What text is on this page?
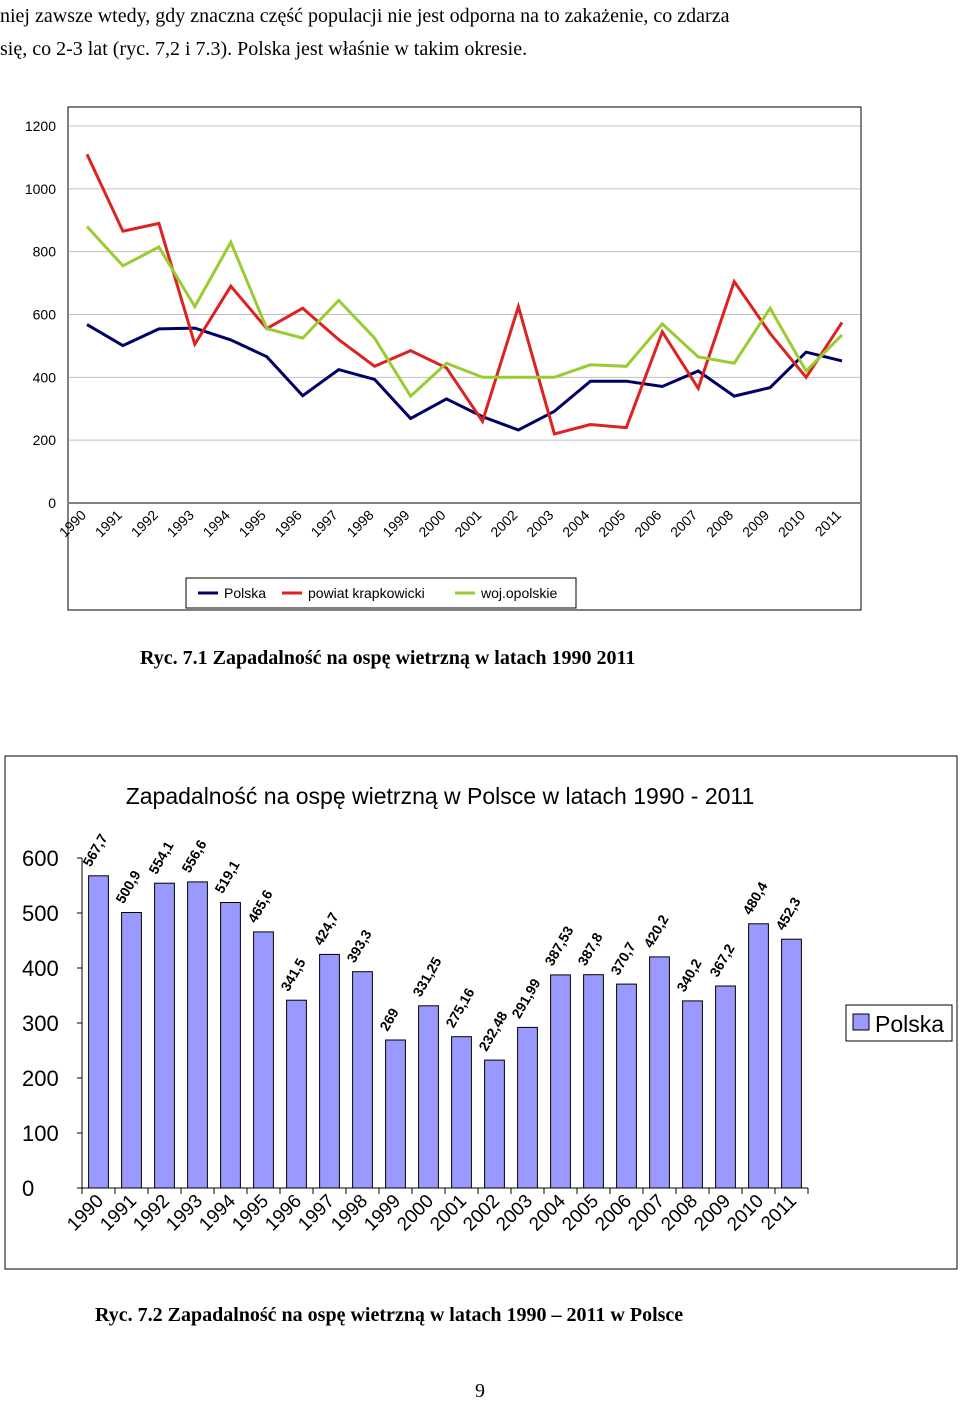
niej zawsze wtedy, gdy znaczna część populacji nie jest odporna na to zakażenie, co zdarza

się, co 2-3 lat (ryc. 7,2 i 7.3). Polska jest właśnie w takim okresie.

0
200
400
600
800
1000
1200
1990 1991 1992 1993 1994 1995 1996 1997 1998 1999 2000 2001 2002 2003 2004 2005 2006 2007 2008 2009 2010 2011
Polska	powiat krapkowicki	woj.opolskie
Ryc. 7.1 Zapadalność na ospę wietrzną w latach 1990 2011
Zapadalność na ospę wietrzną w Polsce w latach 1990 - 2011
0
100
200
300
400
500
600 567,7
500,9
554,1 556,6
519,1
465,6
341,5
424,7 393,3
269
331,25
275,16
232,48
291,99
387,53
387,8 370,7
420,2
340,2 367,2
480,4 452,3
1990
1991
1992
1993
1994
1995
1996
1997
1998
1999
2000
2001
2002
2003
2004
2005
2006
2007
2008
2009
2010
2011
Polska
Ryc. 7.2 Zapadalność na ospę wietrzną w latach 1990 – 2011 w Polsce
9
